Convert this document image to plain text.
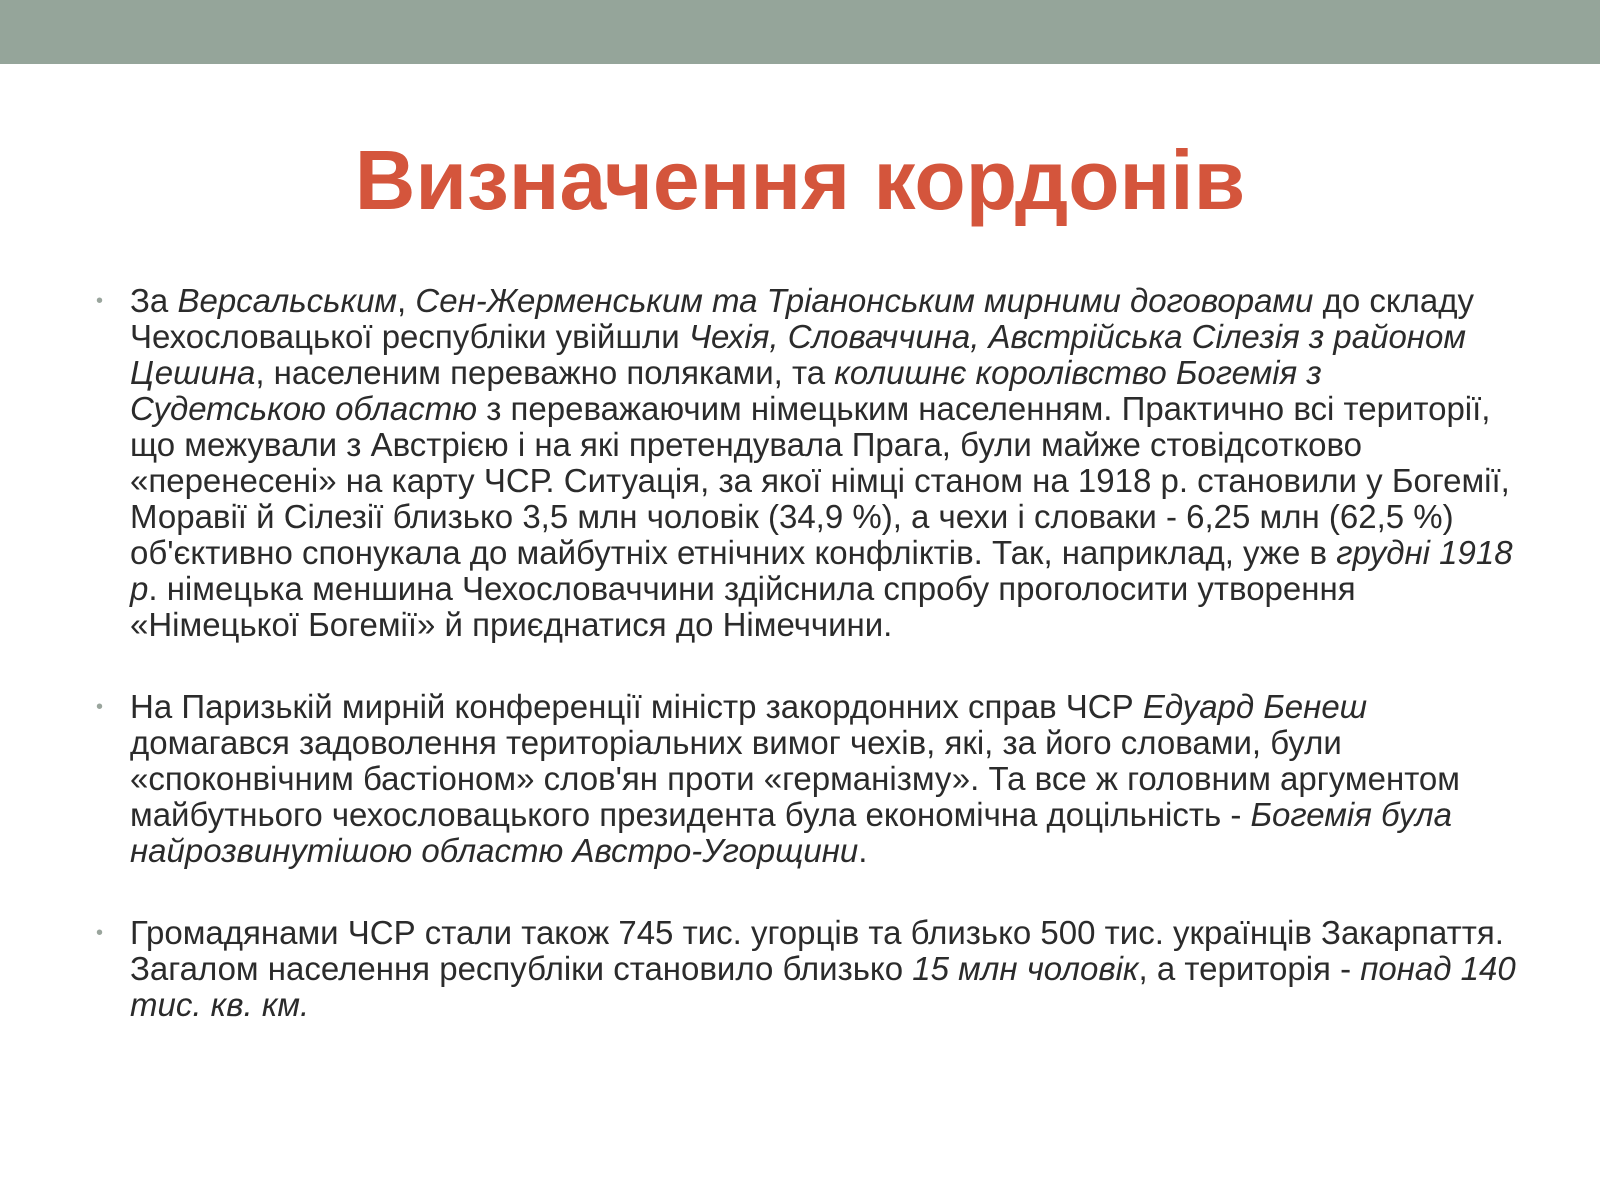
Визначення кордонів
• За Версальським, Сен-Жерменським та Тріанонським мирними договорами до складу Чехословацької республіки увійшли Чехія, Словаччина, Австрійська Сілезія з районом Цешина, населеним переважно поляками, та колишнє королівство Богемія з Судетською областю з переважаючим німецьким населенням. Практично всі території, що межували з Австрією і на які претендувала Прага, були майже стовідсотково «перенесені» на карту ЧСР. Ситуація, за якої німці станом на 1918 р. становили у Богемії, Моравії й Сілезії близько 3,5 млн чоловік (34,9 %), а чехи і словаки - 6,25 млн (62,5 %) об'єктивно спонукала до майбутніх етнічних конфліктів. Так, наприклад, уже в грудні 1918 р. німецька меншина Чехословаччини здійснила спробу проголосити утворення «Німецької Богемії» й приєднатися до Німеччини.
• На Паризькій мирній конференції міністр закордонних справ ЧСР Едуард Бенеш домагався задоволення територіальних вимог чехів, які, за його словами, були «споконвічним бастіоном» слов'ян проти «германізму». Та все ж головним аргументом майбутнього чехословацького президента була економічна доцільність - Богемія була найрозвинутішою областю Австро-Угорщини.
• Громадянами ЧСР стали також 745 тис. угорців та близько 500 тис. українців Закарпаття. Загалом населення республіки становило близько 15 млн чоловік, а територія - понад 140 тис. кв. км.
